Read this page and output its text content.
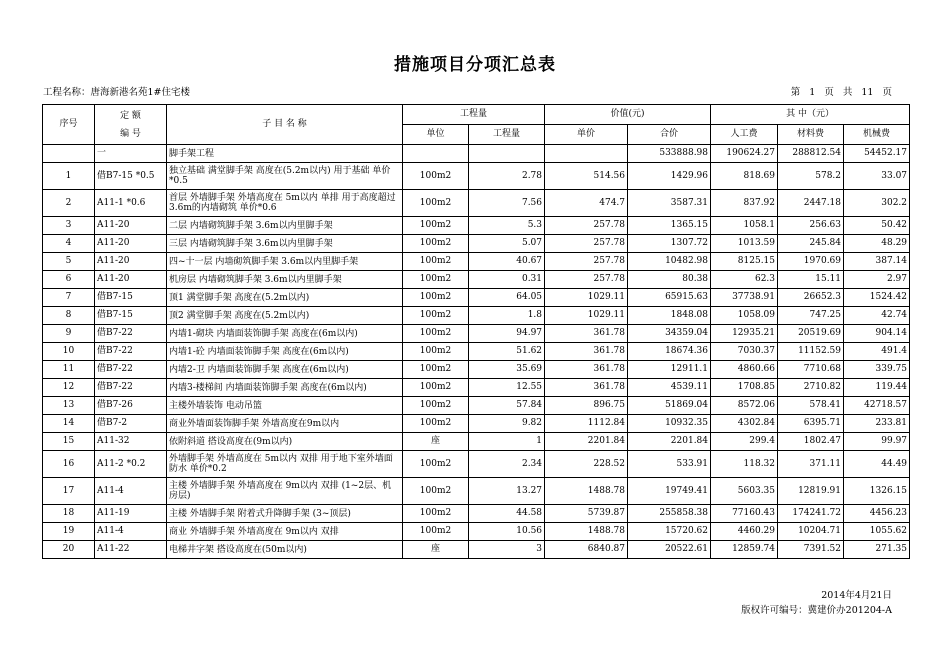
措施项目分项汇总表
工程名称：唐海新港名苑1#住宅楼	第 1 页 共 11 页
序号	定 额
编 号	子 目 名 称	工程量		价值(元)		其 中（元）		
			单位	工程量	单价	合价	人工费	材料费	机械费
	一	脚手架工程				533888.98	190624.27	288812.54	54452.17
1	借B7-15 *0.5	独立基础 满堂脚手架 高度在(5.2m以内) 用于基础 单价*0.5	100m2	2.78	514.56	1429.96	818.69	578.2	33.07
2	A11-1 *0.6	首层 外墙脚手架 外墙高度在 5m以内 单排 用于高度超过3.6m的内墙砌筑 单价*0.6	100m2	7.56	474.7	3587.31	837.92	2447.18	302.2
3	A11-20	二层 内墙砌筑脚手架 3.6m以内里脚手架	100m2	5.3	257.78	1365.15	1058.1	256.63	50.42
4	A11-20	三层 内墙砌筑脚手架 3.6m以内里脚手架	100m2	5.07	257.78	1307.72	1013.59	245.84	48.29
5	A11-20	四~十一层 内墙砌筑脚手架 3.6m以内里脚手架	100m2	40.67	257.78	10482.98	8125.15	1970.69	387.14
6	A11-20	机房层 内墙砌筑脚手架 3.6m以内里脚手架	100m2	0.31	257.78	80.38	62.3	15.11	2.97
7	借B7-15	顶1 满堂脚手架 高度在(5.2m以内)	100m2	64.05	1029.11	65915.63	37738.91	26652.3	1524.42
8	借B7-15	顶2 满堂脚手架 高度在(5.2m以内)	100m2	1.8	1029.11	1848.08	1058.09	747.25	42.74
9	借B7-22	内墙1-砌块 内墙面装饰脚手架 高度在(6m以内)	100m2	94.97	361.78	34359.04	12935.21	20519.69	904.14
10	借B7-22	内墙1-砼 内墙面装饰脚手架 高度在(6m以内)	100m2	51.62	361.78	18674.36	7030.37	11152.59	491.4
11	借B7-22	内墙2-卫 内墙面装饰脚手架 高度在(6m以内)	100m2	35.69	361.78	12911.1	4860.66	7710.68	339.75
12	借B7-22	内墙3-楼梯间 内墙面装饰脚手架 高度在(6m以内)	100m2	12.55	361.78	4539.11	1708.85	2710.82	119.44
13	借B7-26	主楼外墙装饰 电动吊篮	100m2	57.84	896.75	51869.04	8572.06	578.41	42718.57
14	借B7-2	商业外墙面装饰脚手架 外墙高度在9m以内	100m2	9.82	1112.84	10932.35	4302.84	6395.71	233.81
15	A11-32	依附斜道 搭设高度在(9m以内)	座	1	2201.84	2201.84	299.4	1802.47	99.97
16	A11-2 *0.2	外墙脚手架 外墙高度在 5m以内 双排 用于地下室外墙面防水 单价*0.2	100m2	2.34	228.52	533.91	118.32	371.11	44.49
17	A11-4	主楼 外墙脚手架 外墙高度在 9m以内 双排 (1~2层、机房层)	100m2	13.27	1488.78	19749.41	5603.35	12819.91	1326.15
18	A11-19	主楼 外墙脚手架 附着式升降脚手架 (3~顶层)	100m2	44.58	5739.87	255858.38	77160.43	174241.72	4456.23
19	A11-4	商业 外墙脚手架 外墙高度在 9m以内 双排	100m2	10.56	1488.78	15720.62	4460.29	10204.71	1055.62
20	A11-22	电梯井字架 搭设高度在(50m以内)	座	3	6840.87	20522.61	12859.74	7391.52	271.35
2014年4月21日
版权许可编号：冀建价办201204-A
